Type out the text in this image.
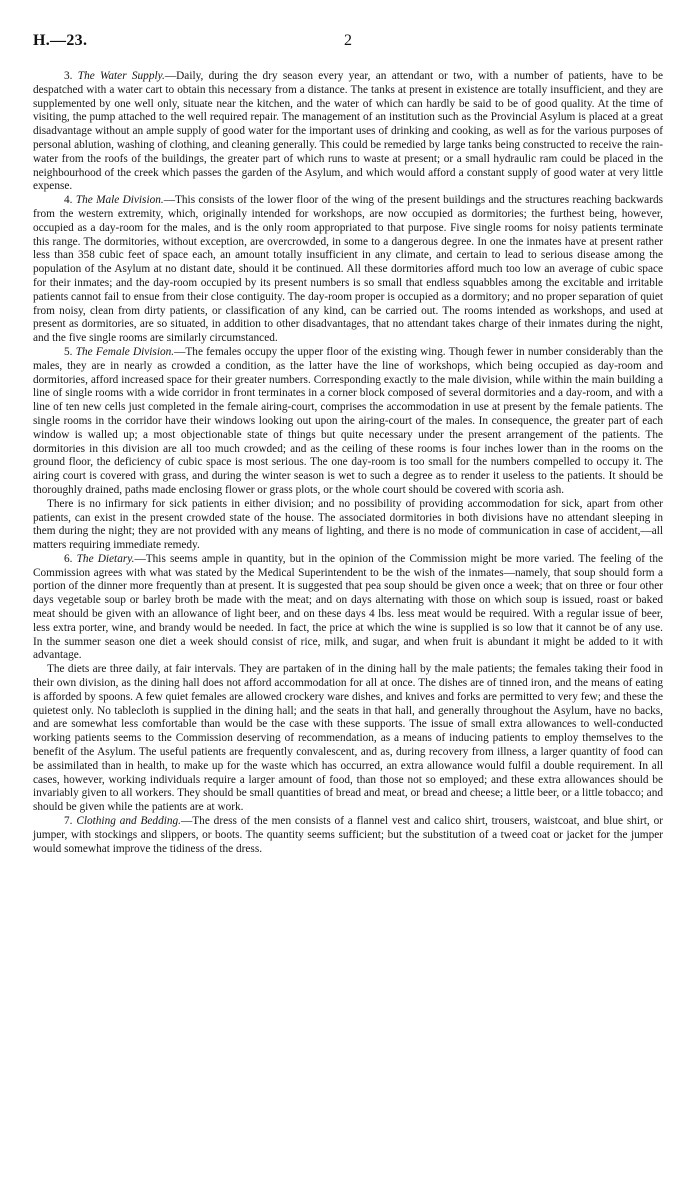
H.—23.	2

3. The Water Supply.—Daily, during the dry season every year, an attendant or two, with a number of patients, have to be despatched with a water cart to obtain this necessary from a distance. The tanks at present in existence are totally insufficient, and they are supplemented by one well only, situate near the kitchen, and the water of which can hardly be said to be of good quality. At the time of visiting, the pump attached to the well required repair. The management of an institution such as the Provincial Asylum is placed at a great disadvantage without an ample supply of good water for the important uses of drinking and cooking, as well as for the various purposes of personal ablution, washing of clothing, and cleaning generally. This could be remedied by large tanks being constructed to receive the rain-water from the roofs of the buildings, the greater part of which runs to waste at present; or a small hydraulic ram could be placed in the neighbourhood of the creek which passes the garden of the Asylum, and which would afford a constant supply of good water at very little expense.

4. The Male Division.—This consists of the lower floor of the wing of the present buildings and the structures reaching backwards from the western extremity, which, originally intended for workshops, are now occupied as dormitories; the furthest being, however, occupied as a day-room for the males, and is the only room appropriated to that purpose. Five single rooms for noisy patients terminate this range. The dormitories, without exception, are overcrowded, in some to a dangerous degree. In one the inmates have at present rather less than 358 cubic feet of space each, an amount totally insufficient in any climate, and certain to lead to serious disease among the population of the Asylum at no distant date, should it be continued. All these dormitories afford much too low an average of cubic space for their inmates; and the day-room occupied by its present numbers is so small that endless squabbles among the excitable and irritable patients cannot fail to ensue from their close contiguity. The day-room proper is occupied as a dormitory; and no proper separation of quiet from noisy, clean from dirty patients, or classification of any kind, can be carried out. The rooms intended as workshops, and used at present as dormitories, are so situated, in addition to other disadvantages, that no attendant takes charge of their inmates during the night, and the five single rooms are similarly circumstanced.

5. The Female Division.—The females occupy the upper floor of the existing wing. Though fewer in number considerably than the males, they are in nearly as crowded a condition, as the latter have the line of workshops, which being occupied as day-room and dormitories, afford increased space for their greater numbers. Corresponding exactly to the male division, while within the main building a line of single rooms with a wide corridor in front terminates in a corner block composed of several dormitories and a day-room, and with a line of ten new cells just completed in the female airing-court, comprises the accommodation in use at present by the female patients. The single rooms in the corridor have their windows looking out upon the airing-court of the males. In consequence, the greater part of each window is walled up; a most objectionable state of things but quite necessary under the present arrangement of the patients. The dormitories in this division are all too much crowded; and as the ceiling of these rooms is four inches lower than in the rooms on the ground floor, the deficiency of cubic space is most serious. The one day-room is too small for the numbers compelled to occupy it. The airing court is covered with grass, and during the winter season is wet to such a degree as to render it useless to the patients. It should be thoroughly drained, paths made enclosing flower or grass plots, or the whole court should be covered with scoria ash.

There is no infirmary for sick patients in either division; and no possibility of providing accommodation for sick, apart from other patients, can exist in the present crowded state of the house. The associated dormitories in both divisions have no attendant sleeping in them during the night; they are not provided with any means of lighting, and there is no mode of communication in case of accident,—all matters requiring immediate remedy.

6. The Dietary.—This seems ample in quantity, but in the opinion of the Commission might be more varied. The feeling of the Commission agrees with what was stated by the Medical Superintendent to be the wish of the inmates—namely, that soup should form a portion of the dinner more frequently than at present. It is suggested that pea soup should be given once a week; that on three or four other days vegetable soup or barley broth be made with the meat; and on days alternating with those on which soup is issued, roast or baked meat should be given with an allowance of light beer, and on these days 4 lbs. less meat would be required. With a regular issue of beer, less extra porter, wine, and brandy would be needed. In fact, the price at which the wine is supplied is so low that it cannot be of any use. In the summer season one diet a week should consist of rice, milk, and sugar, and when fruit is abundant it might be added to it with advantage.

The diets are three daily, at fair intervals. They are partaken of in the dining hall by the male patients; the females taking their food in their own division, as the dining hall does not afford accommodation for all at once. The dishes are of tinned iron, and the means of eating is afforded by spoons. A few quiet females are allowed crockery ware dishes, and knives and forks are permitted to very few; and these the quietest only. No tablecloth is supplied in the dining hall; and the seats in that hall, and generally throughout the Asylum, have no backs, and are somewhat less comfortable than would be the case with these supports. The issue of small extra allowances to well-conducted working patients seems to the Commission deserving of recommendation, as a means of inducing patients to employ themselves to the benefit of the Asylum. The useful patients are frequently convalescent, and as, during recovery from illness, a larger quantity of food can be assimilated than in health, to make up for the waste which has occurred, an extra allowance would fulfil a double requirement. In all cases, however, working individuals require a larger amount of food, than those not so employed; and these extra allowances should be invariably given to all workers. They should be small quantities of bread and meat, or bread and cheese; a little beer, or a little tobacco; and should be given while the patients are at work.

7. Clothing and Bedding.—The dress of the men consists of a flannel vest and calico shirt, trousers, waistcoat, and blue shirt, or jumper, with stockings and slippers, or boots. The quantity seems sufficient; but the substitution of a tweed coat or jacket for the jumper would somewhat improve the tidiness of the dress.
